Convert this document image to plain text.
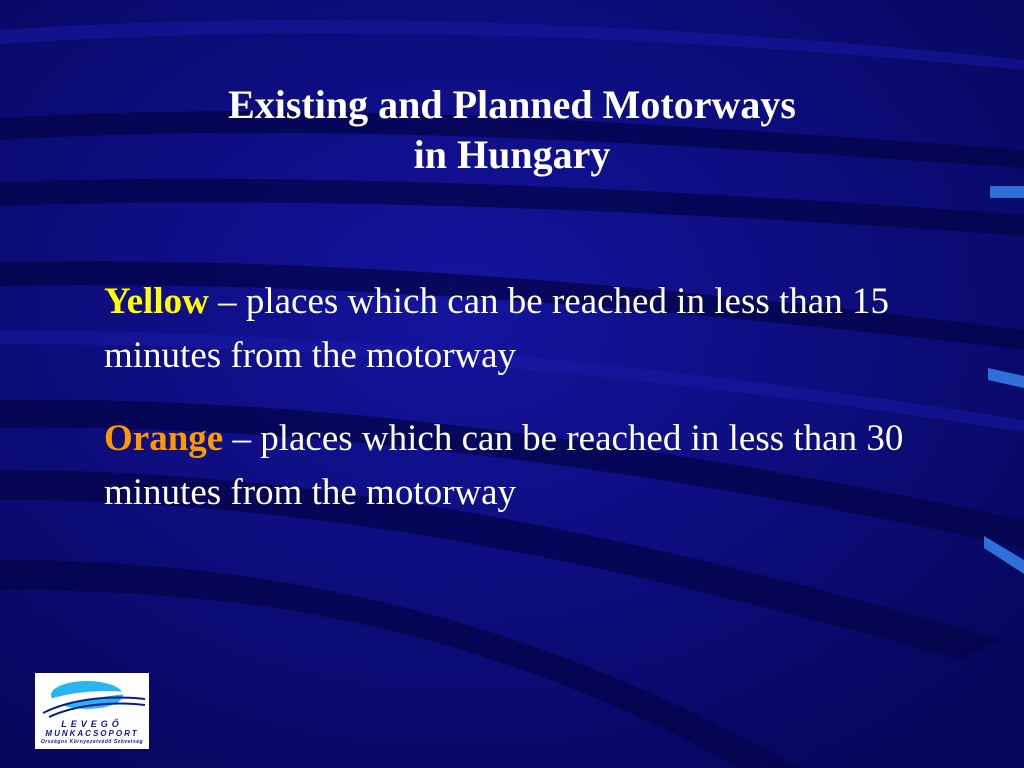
Existing and Planned Motorways
in Hungary
Yellow – places which can be reached in less than 15 minutes from the motorway
Orange – places which can be reached in less than 30 minutes from the motorway
LEVEGŐ
MUNKACSOPORT
Országos Környezetvédő Szövetség
